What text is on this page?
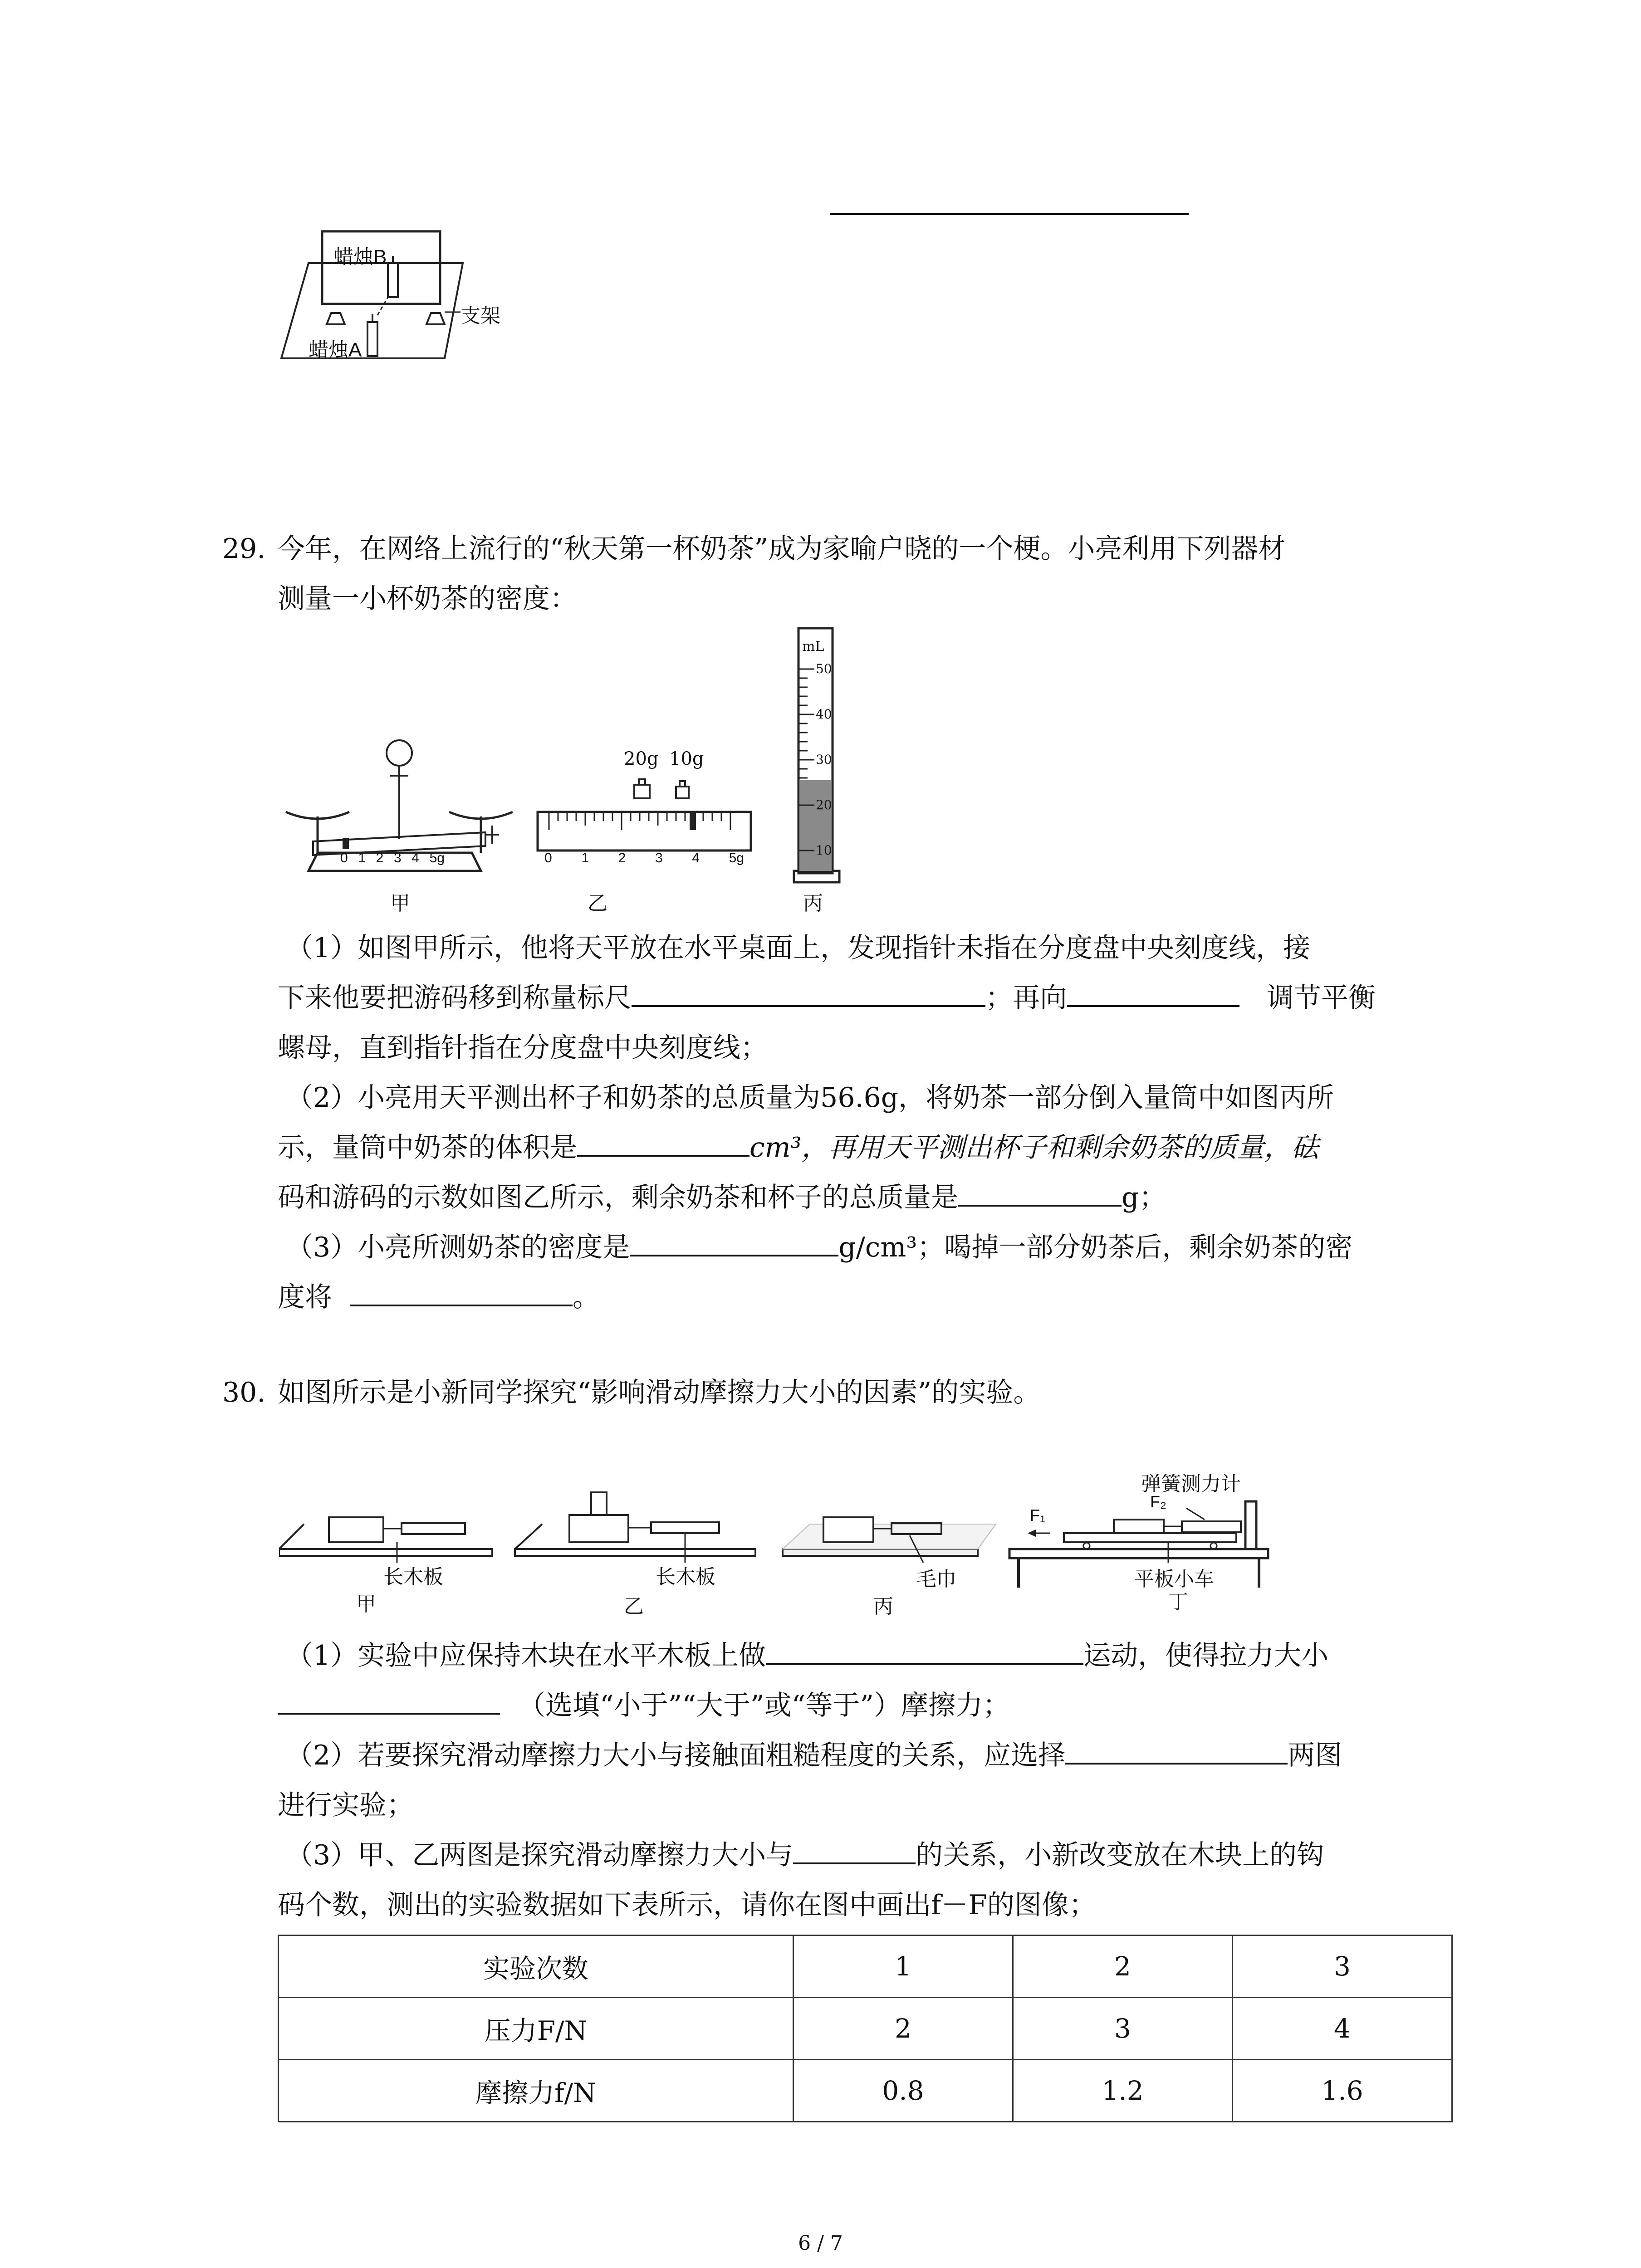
蜡烛B
蜡烛A
支架
29. 今年，在网络上流行的“秋天第一杯奶茶”成为家喻户晓的一个梗。小亮利用下列器材
测量一小杯奶茶的密度：
0 1 2 3 4 5g
甲
20g 10g
0 1 2 3 4 5g
乙
mL
50
40
30
20
10
丙
（1）如图甲所示，他将天平放在水平桌面上，发现指针未指在分度盘中央刻度线，接
下来他要把游码移到称量标尺	；再向	调节平衡
螺母，直到指针指在分度盘中央刻度线；
（2）小亮用天平测出杯子和奶茶的总质量为56.6g，将奶茶一部分倒入量筒中如图丙所
示，量筒中奶茶的体积是	cm³，再用天平测出杯子和剩余奶茶的质量，砝
码和游码的示数如图乙所示，剩余奶茶和杯子的总质量是	g；
（3）小亮所测奶茶的密度是	g/cm³；喝掉一部分奶茶后，剩余奶茶的密
度将	。
30. 如图所示是小新同学探究“影响滑动摩擦力大小的因素”的实验。
长木板	长木板	毛巾
弹簧测力计
F₁
F₂
平板小车
甲	乙	丙	丁
（1）实验中应保持木块在水平木板上做	运动，使得拉力大小
（选填“小于”“大于”或“等于”）摩擦力；
（2）若要探究滑动摩擦力大小与接触面粗糙程度的关系，应选择	两图
进行实验；
（3）甲、乙两图是探究滑动摩擦力大小与	的关系，小新改变放在木块上的钩
码个数，测出的实验数据如下表所示，请你在图中画出f－F的图像；
实验次数	1	2	3
压力F/N	2	3	4
摩擦力f/N	0.8	1.2	1.6
6 / 7
